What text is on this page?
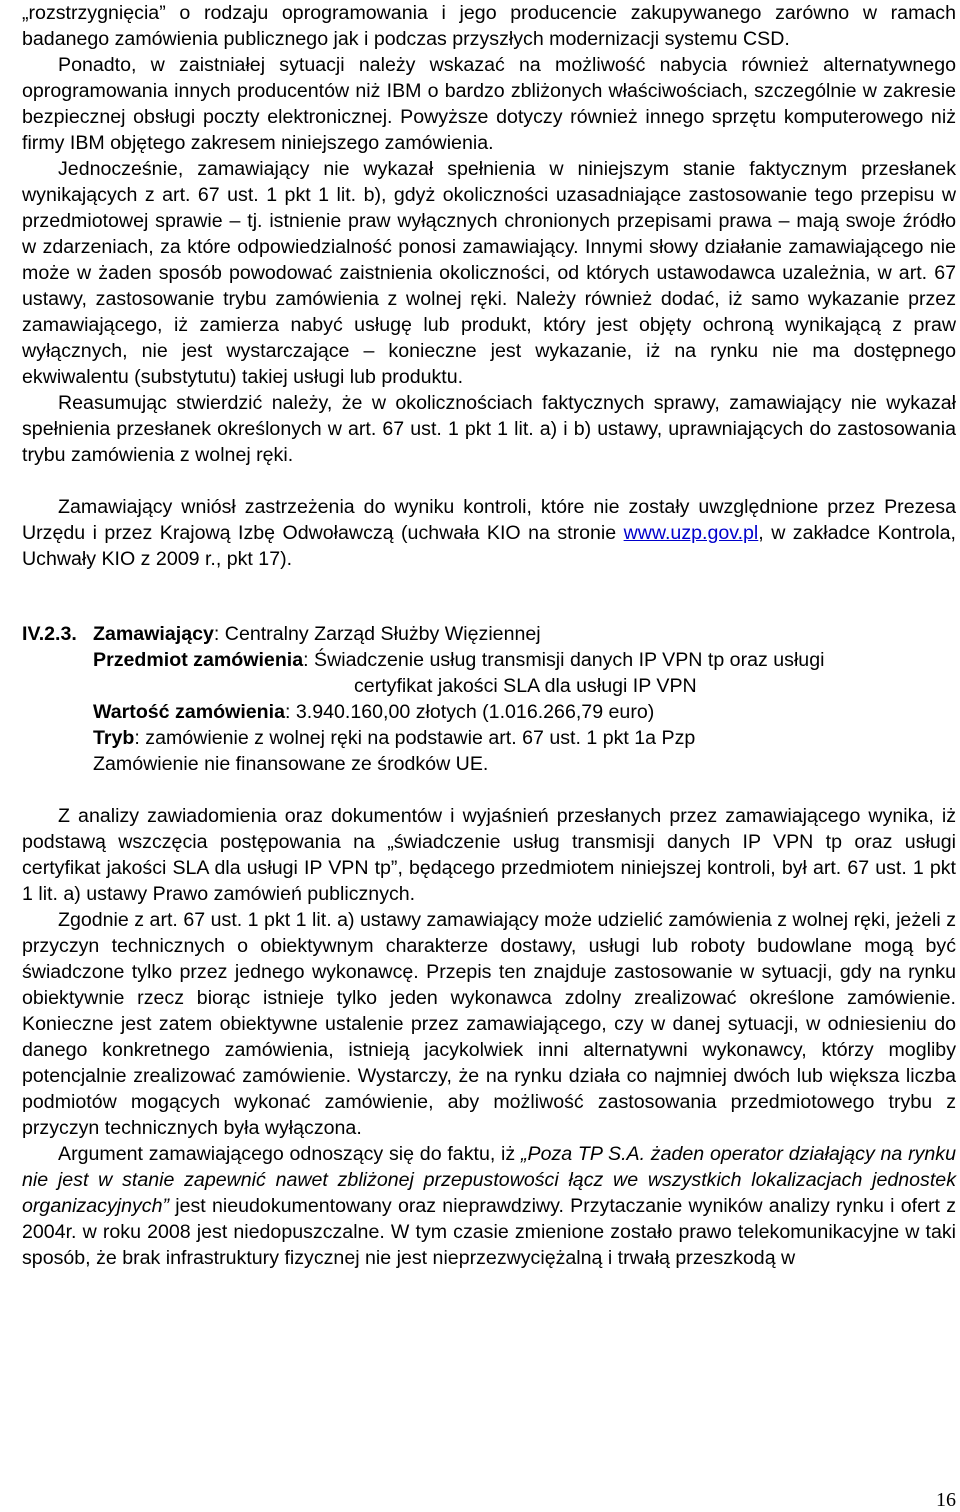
„rozstrzygnięcia” o rodzaju oprogramowania i jego producencie zakupywanego zarówno w ramach badanego zamówienia publicznego jak i podczas przyszłych modernizacji systemu CSD.

Ponadto, w zaistniałej sytuacji należy wskazać na możliwość nabycia również alternatywnego oprogramowania innych producentów niż IBM o bardzo zbliżonych właściwościach, szczególnie w zakresie bezpiecznej obsługi poczty elektronicznej. Powyższe dotyczy również innego sprzętu komputerowego niż firmy IBM objętego zakresem niniejszego zamówienia.

Jednocześnie, zamawiający nie wykazał spełnienia w niniejszym stanie faktycznym przesłanek wynikających z art. 67 ust. 1 pkt 1 lit. b), gdyż okoliczności uzasadniające zastosowanie tego przepisu w przedmiotowej sprawie – tj. istnienie praw wyłącznych chronionych przepisami prawa – mają swoje źródło w zdarzeniach, za które odpowiedzialność ponosi zamawiający. Innymi słowy działanie zamawiającego nie może w żaden sposób powodować zaistnienia okoliczności, od których ustawodawca uzależnia, w art. 67 ustawy, zastosowanie trybu zamówienia z wolnej ręki. Należy również dodać, iż samo wykazanie przez zamawiającego, iż zamierza nabyć usługę lub produkt, który jest objęty ochroną wynikającą z praw wyłącznych, nie jest wystarczające – konieczne jest wykazanie, iż na rynku nie ma dostępnego ekwiwalentu (substytutu) takiej usługi lub produktu.

Reasumując stwierdzić należy, że w okolicznościach faktycznych sprawy, zamawiający nie wykazał spełnienia przesłanek określonych w art. 67 ust. 1 pkt 1 lit. a) i b) ustawy, uprawniających do zastosowania trybu zamówienia z wolnej ręki.

Zamawiający wniósł zastrzeżenia do wyniku kontroli, które nie zostały uwzględnione przez Prezesa Urzędu i przez Krajową Izbę Odwoławczą (uchwała KIO na stronie www.uzp.gov.pl, w zakładce Kontrola, Uchwały KIO z 2009 r., pkt 17).

IV.2.3. Zamawiający: Centralny Zarząd Służby Więziennej
Przedmiot zamówienia: Świadczenie usług transmisji danych IP VPN tp oraz usługi
certyfikat jakości SLA dla usługi IP VPN
Wartość zamówienia: 3.940.160,00 złotych (1.016.266,79 euro)
Tryb: zamówienie z wolnej ręki na podstawie art. 67 ust. 1 pkt 1a Pzp
Zamówienie nie finansowane ze środków UE.

Z analizy zawiadomienia oraz dokumentów i wyjaśnień przesłanych przez zamawiającego wynika, iż podstawą wszczęcia postępowania na „świadczenie usług transmisji danych IP VPN tp oraz usługi certyfikat jakości SLA dla usługi IP VPN tp”, będącego przedmiotem niniejszej kontroli, był art. 67 ust. 1 pkt 1 lit. a) ustawy Prawo zamówień publicznych.

Zgodnie z art. 67 ust. 1 pkt 1 lit. a) ustawy zamawiający może udzielić zamówienia z wolnej ręki, jeżeli z przyczyn technicznych o obiektywnym charakterze dostawy, usługi lub roboty budowlane mogą być świadczone tylko przez jednego wykonawcę. Przepis ten znajduje zastosowanie w sytuacji, gdy na rynku obiektywnie rzecz biorąc istnieje tylko jeden wykonawca zdolny zrealizować określone zamówienie. Konieczne jest zatem obiektywne ustalenie przez zamawiającego, czy w danej sytuacji, w odniesieniu do danego konkretnego zamówienia, istnieją jacykolwiek inni alternatywni wykonawcy, którzy mogliby potencjalnie zrealizować zamówienie. Wystarczy, że na rynku działa co najmniej dwóch lub większa liczba podmiotów mogących wykonać zamówienie, aby możliwość zastosowania przedmiotowego trybu z przyczyn technicznych była wyłączona.

Argument zamawiającego odnoszący się do faktu, iż „Poza TP S.A. żaden operator działający na rynku nie jest w stanie zapewnić nawet zbliżonej przepustowości łącz we wszystkich lokalizacjach jednostek organizacyjnych” jest nieudokumentowany oraz nieprawdziwy. Przytaczanie wyników analizy rynku i ofert z 2004r. w roku 2008 jest niedopuszczalne. W tym czasie zmienione zostało prawo telekomunikacyjne w taki sposób, że brak infrastruktury fizycznej nie jest nieprzezwyciężalną i trwałą przeszkodą w

16
